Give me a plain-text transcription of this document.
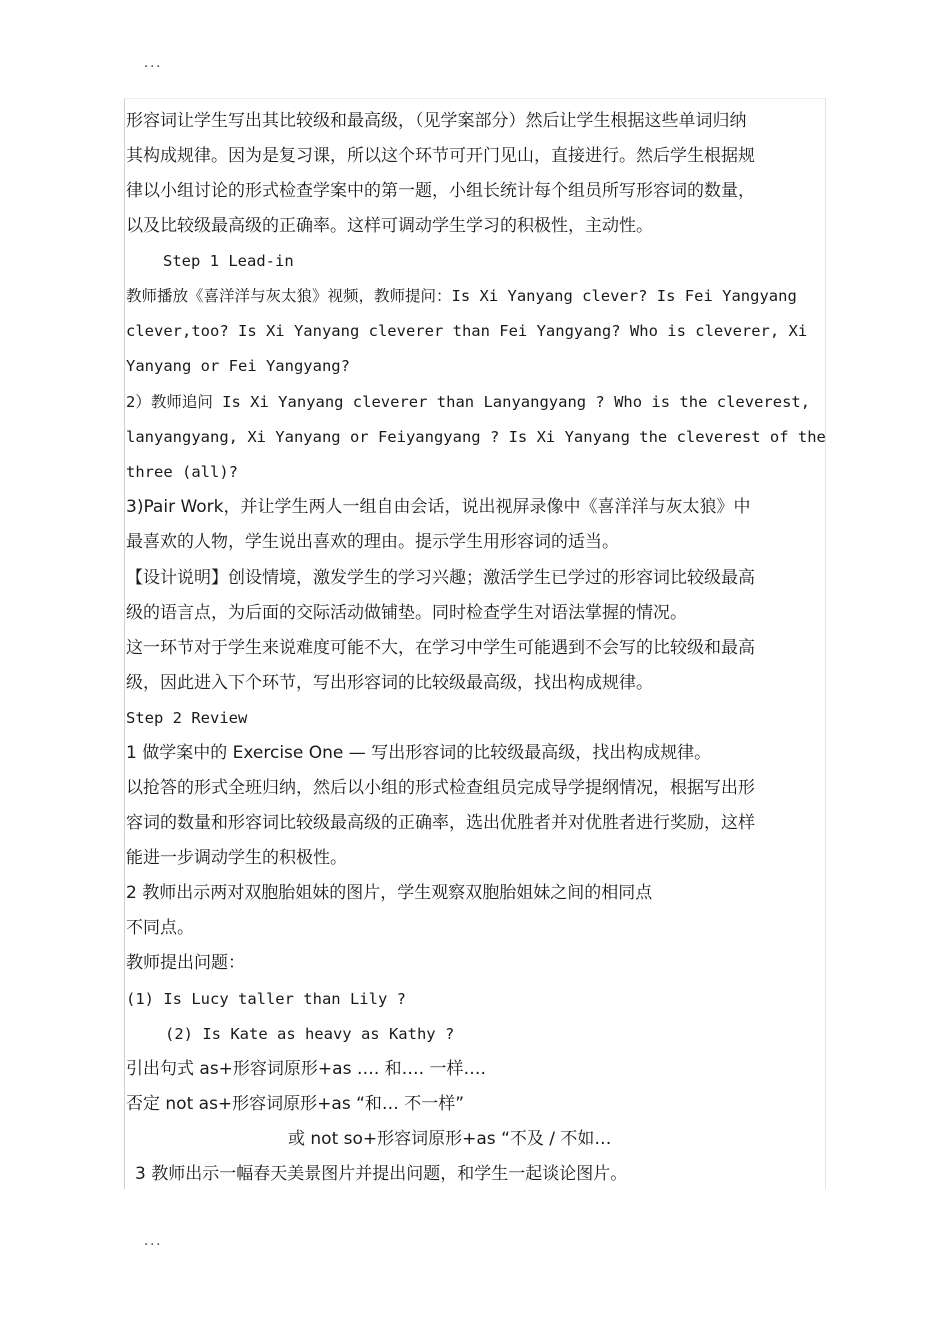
...
形容词让学生写出其比较级和最高级，（见学案部分）然后让学生根据这些单词归纳
其构成规律。因为是复习课，所以这个环节可开门见山，直接进行。然后学生根据规
律以小组讨论的形式检查学案中的第一题，小组长统计每个组员所写形容词的数量，
以及比较级最高级的正确率。这样可调动学生学习的积极性，主动性。
Step 1 Lead-in
教师播放《喜洋洋与灰太狼》视频，教师提问：Is Xi Yanyang clever? Is Fei Yangyang
clever,too? Is Xi Yanyang cleverer than Fei Yangyang? Who is cleverer, Xi
Yanyang or Fei Yangyang?
2）教师追问 Is Xi Yanyang cleverer than Lanyangyang ? Who is the cleverest,
lanyangyang, Xi Yanyang or Feiyangyang ? Is Xi Yanyang the cleverest of the
three (all)?
3)Pair Work，并让学生两人一组自由会话，说出视屏录像中《喜洋洋与灰太狼》中
最喜欢的人物，学生说出喜欢的理由。提示学生用形容词的适当。
【设计说明】创设情境，激发学生的学习兴趣；激活学生已学过的形容词比较级最高
级的语言点，为后面的交际活动做铺垫。同时检查学生对语法掌握的情况。
这一环节对于学生来说难度可能不大，在学习中学生可能遇到不会写的比较级和最高
级，因此进入下个环节，写出形容词的比较级最高级，找出构成规律。
Step 2 Review
1 做学案中的 Exercise One — 写出形容词的比较级最高级，找出构成规律。
以抢答的形式全班归纳，然后以小组的形式检查组员完成导学提纲情况，根据写出形
容词的数量和形容词比较级最高级的正确率，选出优胜者并对优胜者进行奖励，这样
能进一步调动学生的积极性。
2 教师出示两对双胞胎姐妹的图片，学生观察双胞胎姐妹之间的相同点
不同点。
教师提出问题：
(1) Is Lucy taller than Lily ?
(2) Is Kate as heavy as Kathy ?
引出句式 as+形容词原形+as …. 和…. 一样….
否定 not as+形容词原形+as “和… 不一样”
或 not so+形容词原形+as “不及 / 不如…
3 教师出示一幅春天美景图片并提出问题，和学生一起谈论图片。
...
